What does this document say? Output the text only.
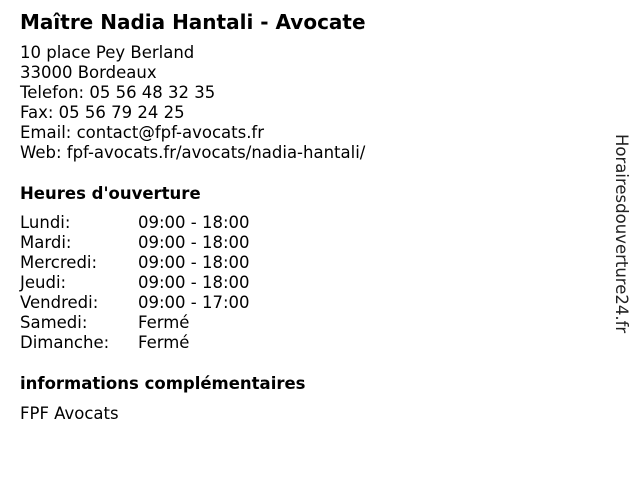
Maître Nadia Hantali - Avocate
10 place Pey Berland
33000 Bordeaux
Telefon: 05 56 48 32 35
Fax: 05 56 79 24 25
Email: contact@fpf-avocats.fr
Web: fpf-avocats.fr/avocats/nadia-hantali/
Heures d'ouverture
Lundi:	09:00 - 18:00
Mardi:	09:00 - 18:00
Mercredi:	09:00 - 18:00
Jeudi:	09:00 - 18:00
Vendredi:	09:00 - 17:00
Samedi:	Fermé
Dimanche:	Fermé
informations complémentaires
FPF Avocats
Horairesdouverture24.fr
